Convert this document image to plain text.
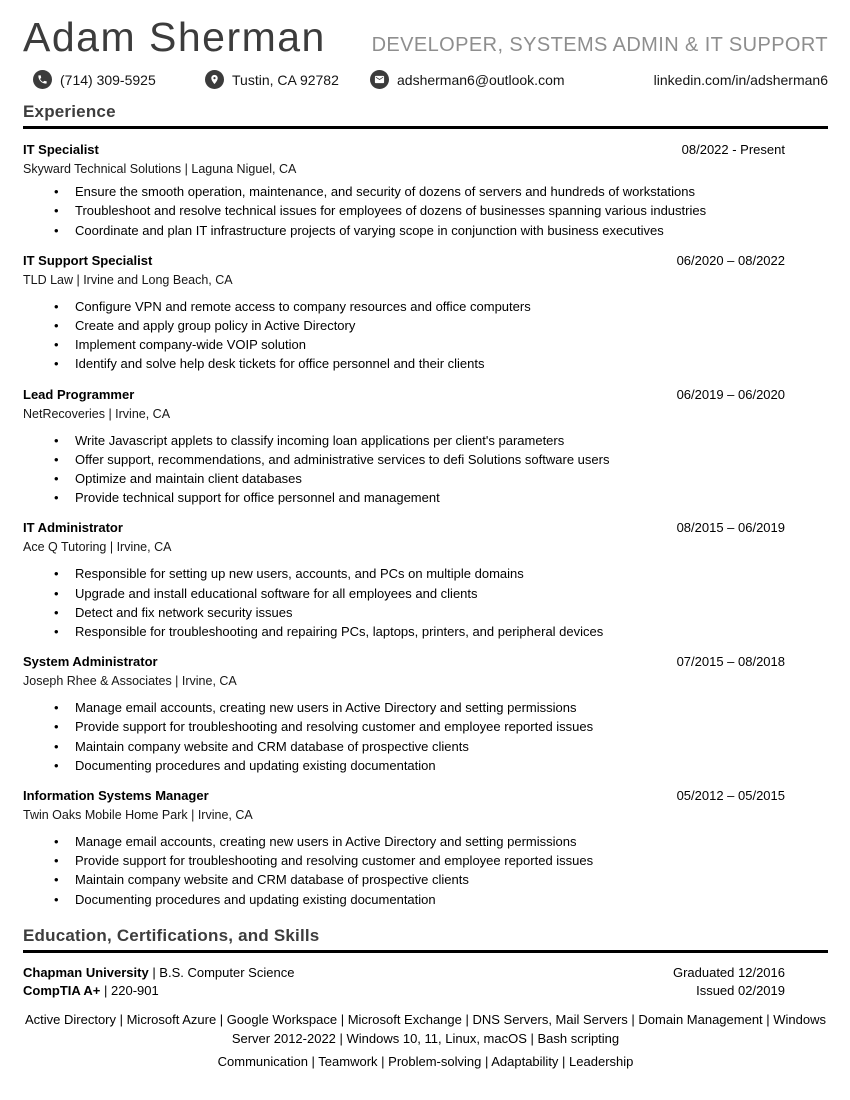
Adam Sherman DEVELOPER, SYSTEMS ADMIN & IT SUPPORT
(714) 309-5925	Tustin, CA 92782	adsherman6@outlook.com	linkedin.com/in/adsherman6
Experience
IT Specialist	08/2022 - Present
Skyward Technical Solutions | Laguna Niguel, CA
• Ensure the smooth operation, maintenance, and security of dozens of servers and hundreds of workstations
• Troubleshoot and resolve technical issues for employees of dozens of businesses spanning various industries
• Coordinate and plan IT infrastructure projects of varying scope in conjunction with business executives
IT Support Specialist	06/2020 – 08/2022
TLD Law | Irvine and Long Beach, CA
• Configure VPN and remote access to company resources and office computers
• Create and apply group policy in Active Directory
• Implement company-wide VOIP solution
• Identify and solve help desk tickets for office personnel and their clients
Lead Programmer	06/2019 – 06/2020
NetRecoveries | Irvine, CA
• Write Javascript applets to classify incoming loan applications per client's parameters
• Offer support, recommendations, and administrative services to defi Solutions software users
• Optimize and maintain client databases
• Provide technical support for office personnel and management
IT Administrator	08/2015 – 06/2019
Ace Q Tutoring | Irvine, CA
• Responsible for setting up new users, accounts, and PCs on multiple domains
• Upgrade and install educational software for all employees and clients
• Detect and fix network security issues
• Responsible for troubleshooting and repairing PCs, laptops, printers, and peripheral devices
System Administrator	07/2015 – 08/2018
Joseph Rhee & Associates | Irvine, CA
• Manage email accounts, creating new users in Active Directory and setting permissions
• Provide support for troubleshooting and resolving customer and employee reported issues
• Maintain company website and CRM database of prospective clients
• Documenting procedures and updating existing documentation
Information Systems Manager	05/2012 – 05/2015
Twin Oaks Mobile Home Park | Irvine, CA
• Manage email accounts, creating new users in Active Directory and setting permissions
• Provide support for troubleshooting and resolving customer and employee reported issues
• Maintain company website and CRM database of prospective clients
• Documenting procedures and updating existing documentation
Education, Certifications, and Skills
Chapman University | B.S. Computer Science	Graduated 12/2016
CompTIA A+ | 220-901	Issued 02/2019

Active Directory | Microsoft Azure | Google Workspace | Microsoft Exchange | DNS Servers, Mail Servers | Domain Management | Windows Server 2012-2022 | Windows 10, 11, Linux, macOS | Bash scripting

Communication | Teamwork | Problem-solving | Adaptability | Leadership
